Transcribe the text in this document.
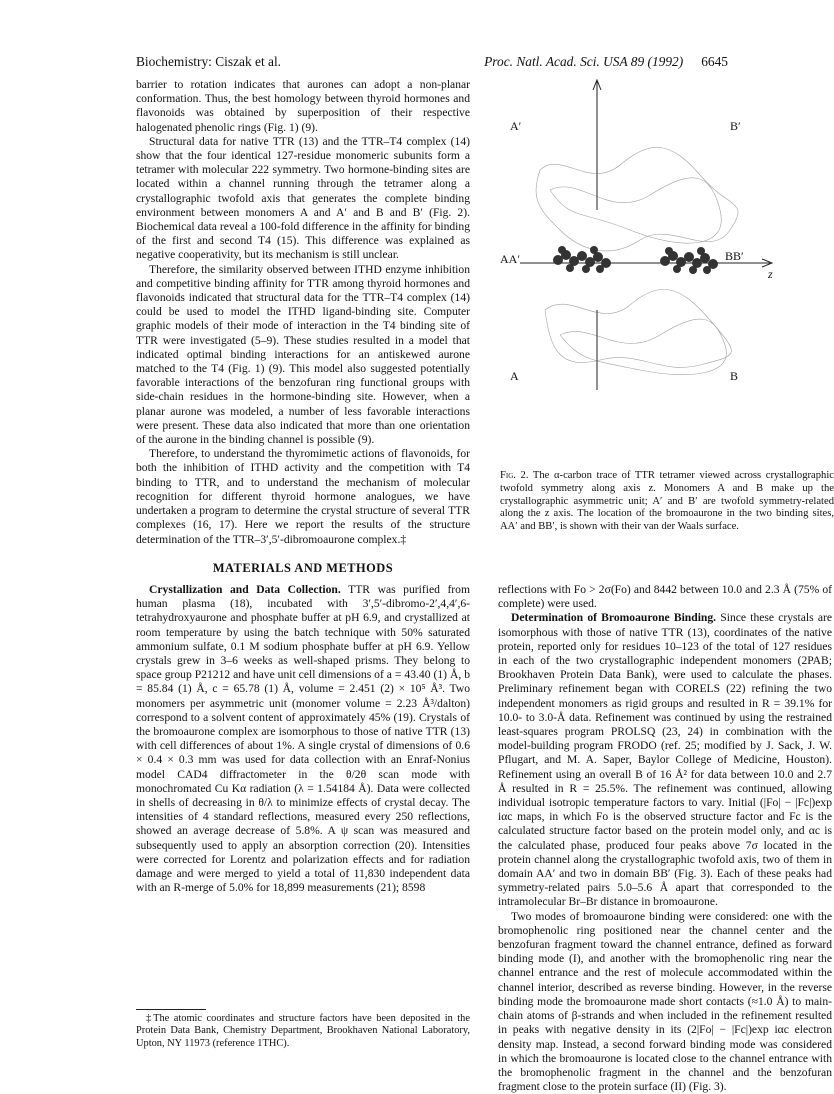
Biochemistry: Ciszak et al.	Proc. Natl. Acad. Sci. USA 89 (1992) 6645

barrier to rotation indicates that aurones can adopt a non-planar conformation. Thus, the best homology between thyroid hormones and flavonoids was obtained by superposition of their respective halogenated phenolic rings (Fig. 1) (9).

Structural data for native TTR (13) and the TTR–T4 complex (14) show that the four identical 127-residue monomeric subunits form a tetramer with molecular 222 symmetry. Two hormone-binding sites are located within a channel running through the tetramer along a crystallographic twofold axis that generates the complete binding environment between monomers A and A′ and B and B′ (Fig. 2). Biochemical data reveal a 100-fold difference in the affinity for binding of the first and second T4 (15). This difference was explained as negative cooperativity, but its mechanism is still unclear.

Therefore, the similarity observed between ITHD enzyme inhibition and competitive binding affinity for TTR among thyroid hormones and flavonoids indicated that structural data for the TTR–T4 complex (14) could be used to model the ITHD ligand-binding site. Computer graphic models of their mode of interaction in the T4 binding site of TTR were investigated (5–9). These studies resulted in a model that indicated optimal binding interactions for an antiskewed aurone matched to the T4 (Fig. 1) (9). This model also suggested potentially favorable interactions of the benzofuran ring functional groups with side-chain residues in the hormone-binding site. However, when a planar aurone was modeled, a number of less favorable interactions were present. These data also indicated that more than one orientation of the aurone in the binding channel is possible (9).

Therefore, to understand the thyromimetic actions of flavonoids, for both the inhibition of ITHD activity and the competition with T4 binding to TTR, and to understand the mechanism of molecular recognition for different thyroid hormone analogues, we have undertaken a program to determine the crystal structure of several TTR complexes (16, 17). Here we report the results of the structure determination of the TTR–3′,5′-dibromoaurone complex.‡

MATERIALS AND METHODS

Crystallization and Data Collection. TTR was purified from human plasma (18), incubated with 3′,5′-dibromo-2′,4,4′,6-tetrahydroxyaurone and phosphate buffer at pH 6.9, and crystallized at room temperature by using the batch technique with 50% saturated ammonium sulfate, 0.1 M sodium phosphate buffer at pH 6.9. Yellow crystals grew in 3–6 weeks as well-shaped prisms. They belong to space group P21212 and have unit cell dimensions of a = 43.40 (1) Å, b = 85.84 (1) Å, c = 65.78 (1) Å, volume = 2.451 (2) × 10⁵ Å³. Two monomers per asymmetric unit (monomer volume = 2.23 Å³/dalton) correspond to a solvent content of approximately 45% (19). Crystals of the bromoaurone complex are isomorphous to those of native TTR (13) with cell differences of about 1%. A single crystal of dimensions of 0.6 × 0.4 × 0.3 mm was used for data collection with an Enraf-Nonius model CAD4 diffractometer in the θ/2θ scan mode with monochromated Cu Kα radiation (λ = 1.54184 Å). Data were collected in shells of decreasing in θ/λ to minimize effects of crystal decay. The intensities of 4 standard reflections, measured every 250 reflections, showed an average decrease of 5.8%. A ψ scan was measured and subsequently used to apply an absorption correction (20). Intensities were corrected for Lorentz and polarization effects and for radiation damage and were merged to yield a total of 11,830 independent data with an R-merge of 5.0% for 18,899 measurements (21); 8598

‡The atomic coordinates and structure factors have been deposited in the Protein Data Bank, Chemistry Department, Brookhaven National Laboratory, Upton, NY 11973 (reference 1THC).
A′	B′
AA′	BB′
z
A	B
Fig. 2. The α-carbon trace of TTR tetramer viewed across crystallographic twofold symmetry along axis z. Monomers A and B make up the crystallographic asymmetric unit; A′ and B′ are twofold symmetry-related along the z axis. The location of the bromoaurone in the two binding sites, AA′ and BB′, is shown with their van der Waals surface.

reflections with Fo > 2σ(Fo) and 8442 between 10.0 and 2.3 Å (75% of complete) were used.

Determination of Bromoaurone Binding. Since these crystals are isomorphous with those of native TTR (13), coordinates of the native protein, reported only for residues 10–123 of the total of 127 residues in each of the two crystallographic independent monomers (2PAB; Brookhaven Protein Data Bank), were used to calculate the phases. Preliminary refinement began with CORELS (22) refining the two independent monomers as rigid groups and resulted in R = 39.1% for 10.0- to 3.0-Å data. Refinement was continued by using the restrained least-squares program PROLSQ (23, 24) in combination with the model-building program FRODO (ref. 25; modified by J. Sack, J. W. Pflugart, and M. A. Saper, Baylor College of Medicine, Houston). Refinement using an overall B of 16 Å² for data between 10.0 and 2.7 Å resulted in R = 25.5%. The refinement was continued, allowing individual isotropic temperature factors to vary. Initial (|Fo| − |Fc|)exp iαc maps, in which Fo is the observed structure factor and Fc is the calculated structure factor based on the protein model only, and αc is the calculated phase, produced four peaks above 7σ located in the protein channel along the crystallographic twofold axis, two of them in domain AA′ and two in domain BB′ (Fig. 3). Each of these peaks had symmetry-related pairs 5.0–5.6 Å apart that corresponded to the intramolecular Br–Br distance in bromoaurone.

Two modes of bromoaurone binding were considered: one with the bromophenolic ring positioned near the channel center and the benzofuran fragment toward the channel entrance, defined as forward binding mode (I), and another with the bromophenolic ring near the channel entrance and the rest of molecule accommodated within the channel interior, described as reverse binding. However, in the reverse binding mode the bromoaurone made short contacts (≈1.0 Å) to main-chain atoms of β-strands and when included in the refinement resulted in peaks with negative density in its (2|Fo| − |Fc|)exp iαc electron density map. Instead, a second forward binding mode was considered in which the bromoaurone is located close to the channel entrance with the bromophenolic fragment in the channel and the benzofuran fragment close to the protein surface (II) (Fig. 3).
